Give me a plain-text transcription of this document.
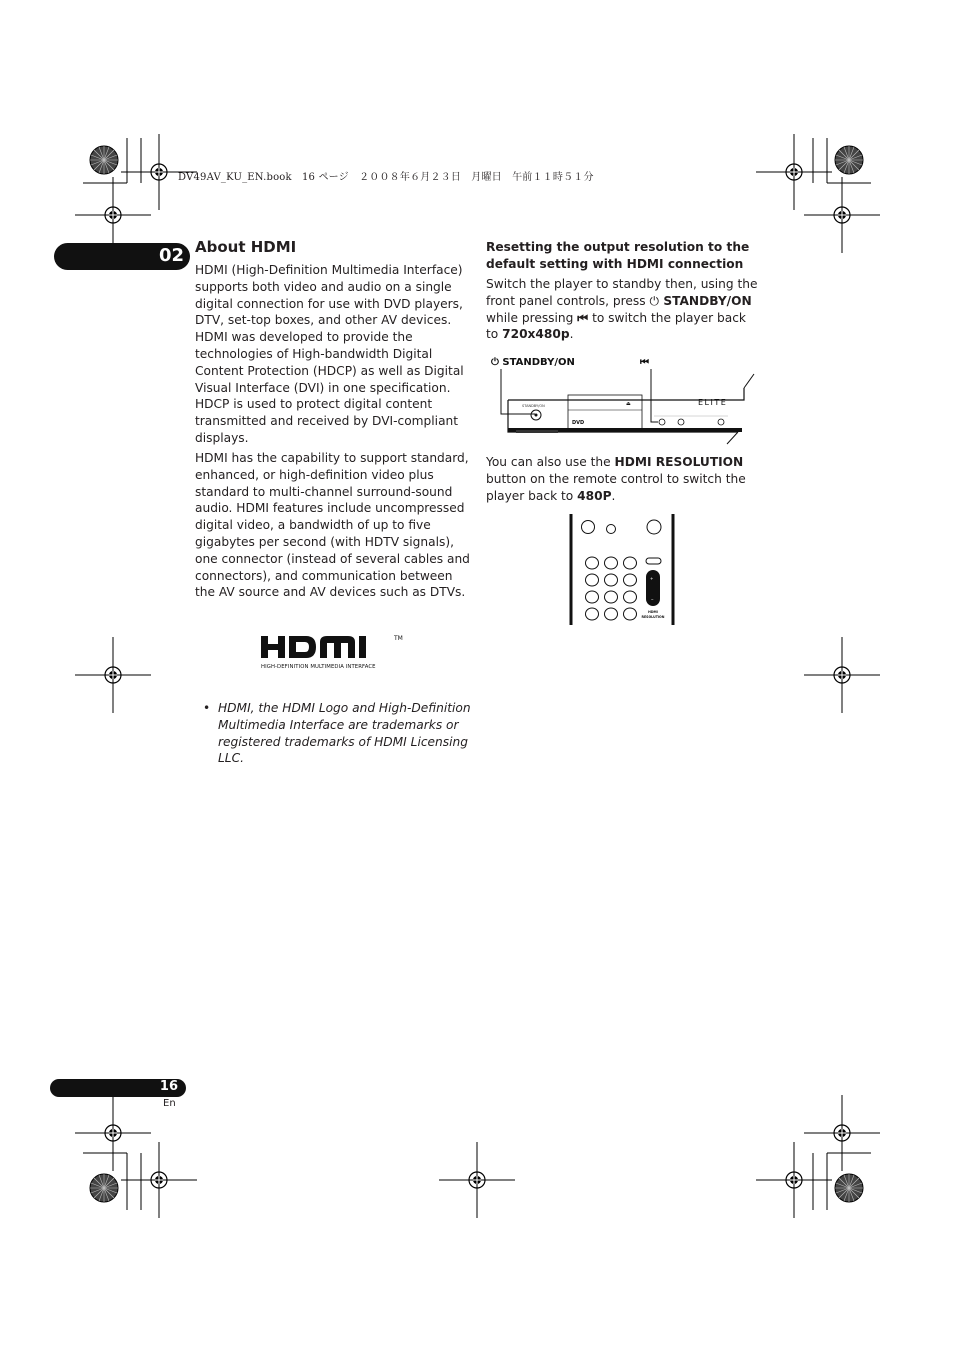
DV49AV_KU_EN.book　16 ページ　２００８年６月２３日　月曜日　午前１１時５１分
02 About HDMI

HDMI (High-Definition Multimedia Interface) supports both video and audio on a single digital connection for use with DVD players, DTV, set-top boxes, and other AV devices. HDMI was developed to provide the technologies of High-bandwidth Digital Content Protection (HDCP) as well as Digital Visual Interface (DVI) in one specification. HDCP is used to protect digital content transmitted and received by DVI-compliant displays.

HDMI has the capability to support standard, enhanced, or high-definition video plus standard to multi-channel surround-sound audio. HDMI features include uncompressed digital video, a bandwidth of up to five gigabytes per second (with HDTV signals), one connector (instead of several cables and connectors), and communication between the AV source and AV devices such as DTVs.

TM
HIGH-DEFINITION MULTIMEDIA INTERFACE
• HDMI, the HDMI Logo and High-Definition Multimedia Interface are trademarks or registered trademarks of HDMI Licensing LLC.
Resetting the output resolution to the default setting with HDMI connection

Switch the player to standby then, using the front panel controls, press ⏻ STANDBY/ON while pressing ⏮ to switch the player back to 720x480p.

⏻ STANDBY/ON	⏮
STANDBY/ON	⏏
DVD
ELITE

You can also use the HDMI RESOLUTION button on the remote control to switch the player back to 480P.

+
–
HDMI
RESOLUTION
16
En
